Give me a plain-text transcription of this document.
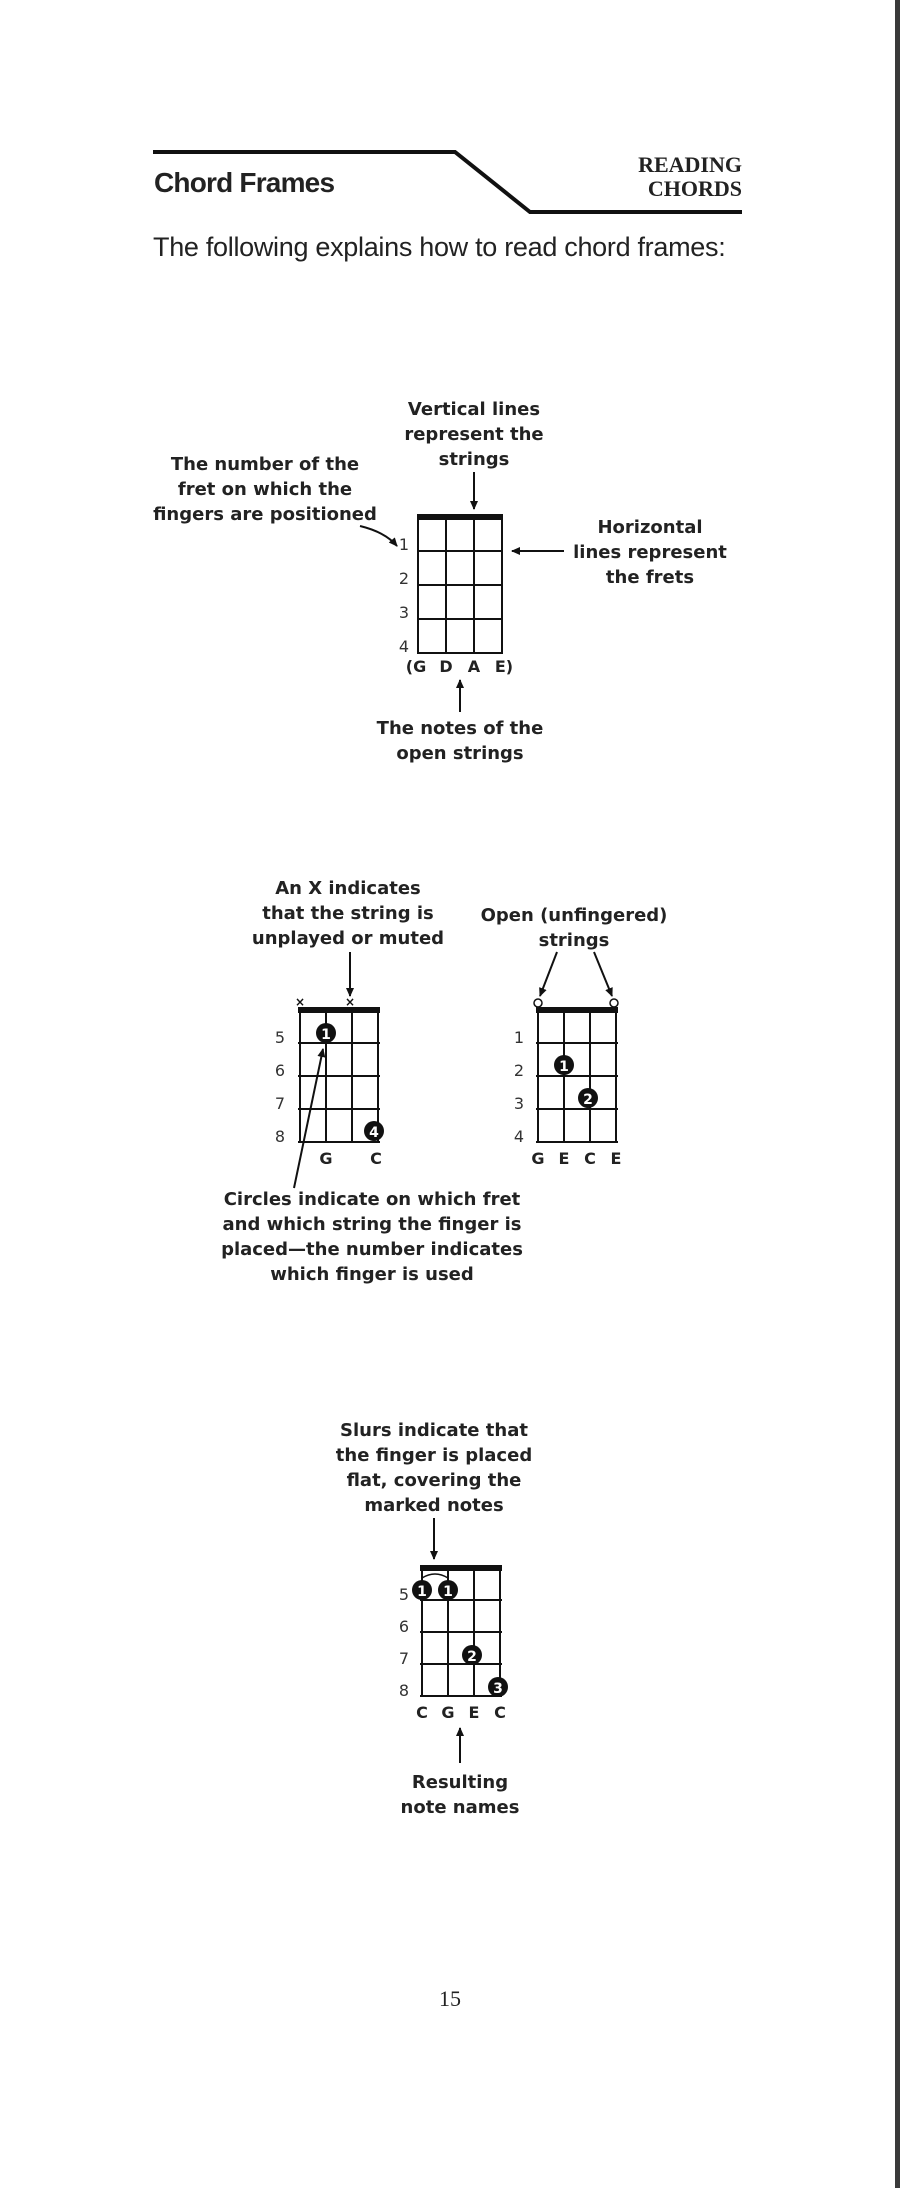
The following explains how to read chord frames:
Chord Frames
READING
CHORDS
Vertical lines
represent the
strings
The number of the
fret on which the
fingers are positioned
Horizontal
lines represent
the frets
1
2
3
4
(G D A E)
The notes of the
open strings
An X indicates
that the string is
unplayed or muted
×	×
5
6
7
8
1
4
G C
Circles indicate on which fret
and which string the finger is
placed—the number indicates
which finger is used
Open (unfingered)
strings
1
2
3
4
1
2
G E C E
Slurs indicate that
the finger is placed
flat, covering the
marked notes
5
6
7
8
1 1
2
3
C G E C
Resulting
note names
15
